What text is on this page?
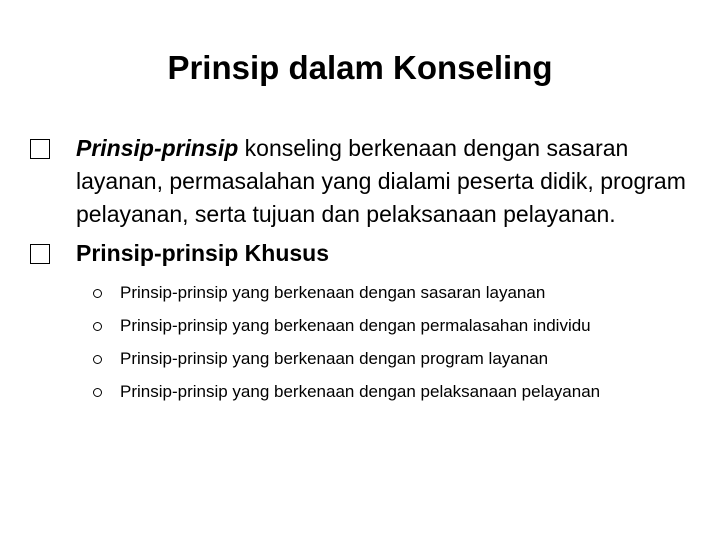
Prinsip dalam Konseling
Prinsip-prinsip konseling berkenaan dengan sasaran layanan, permasalahan yang dialami peserta didik, program pelayanan, serta tujuan dan pelaksanaan pelayanan.
Prinsip-prinsip Khusus
Prinsip-prinsip yang berkenaan dengan sasaran layanan
Prinsip-prinsip yang berkenaan dengan permalasahan individu
Prinsip-prinsip yang berkenaan dengan program layanan
Prinsip-prinsip yang berkenaan dengan pelaksanaan pelayanan
